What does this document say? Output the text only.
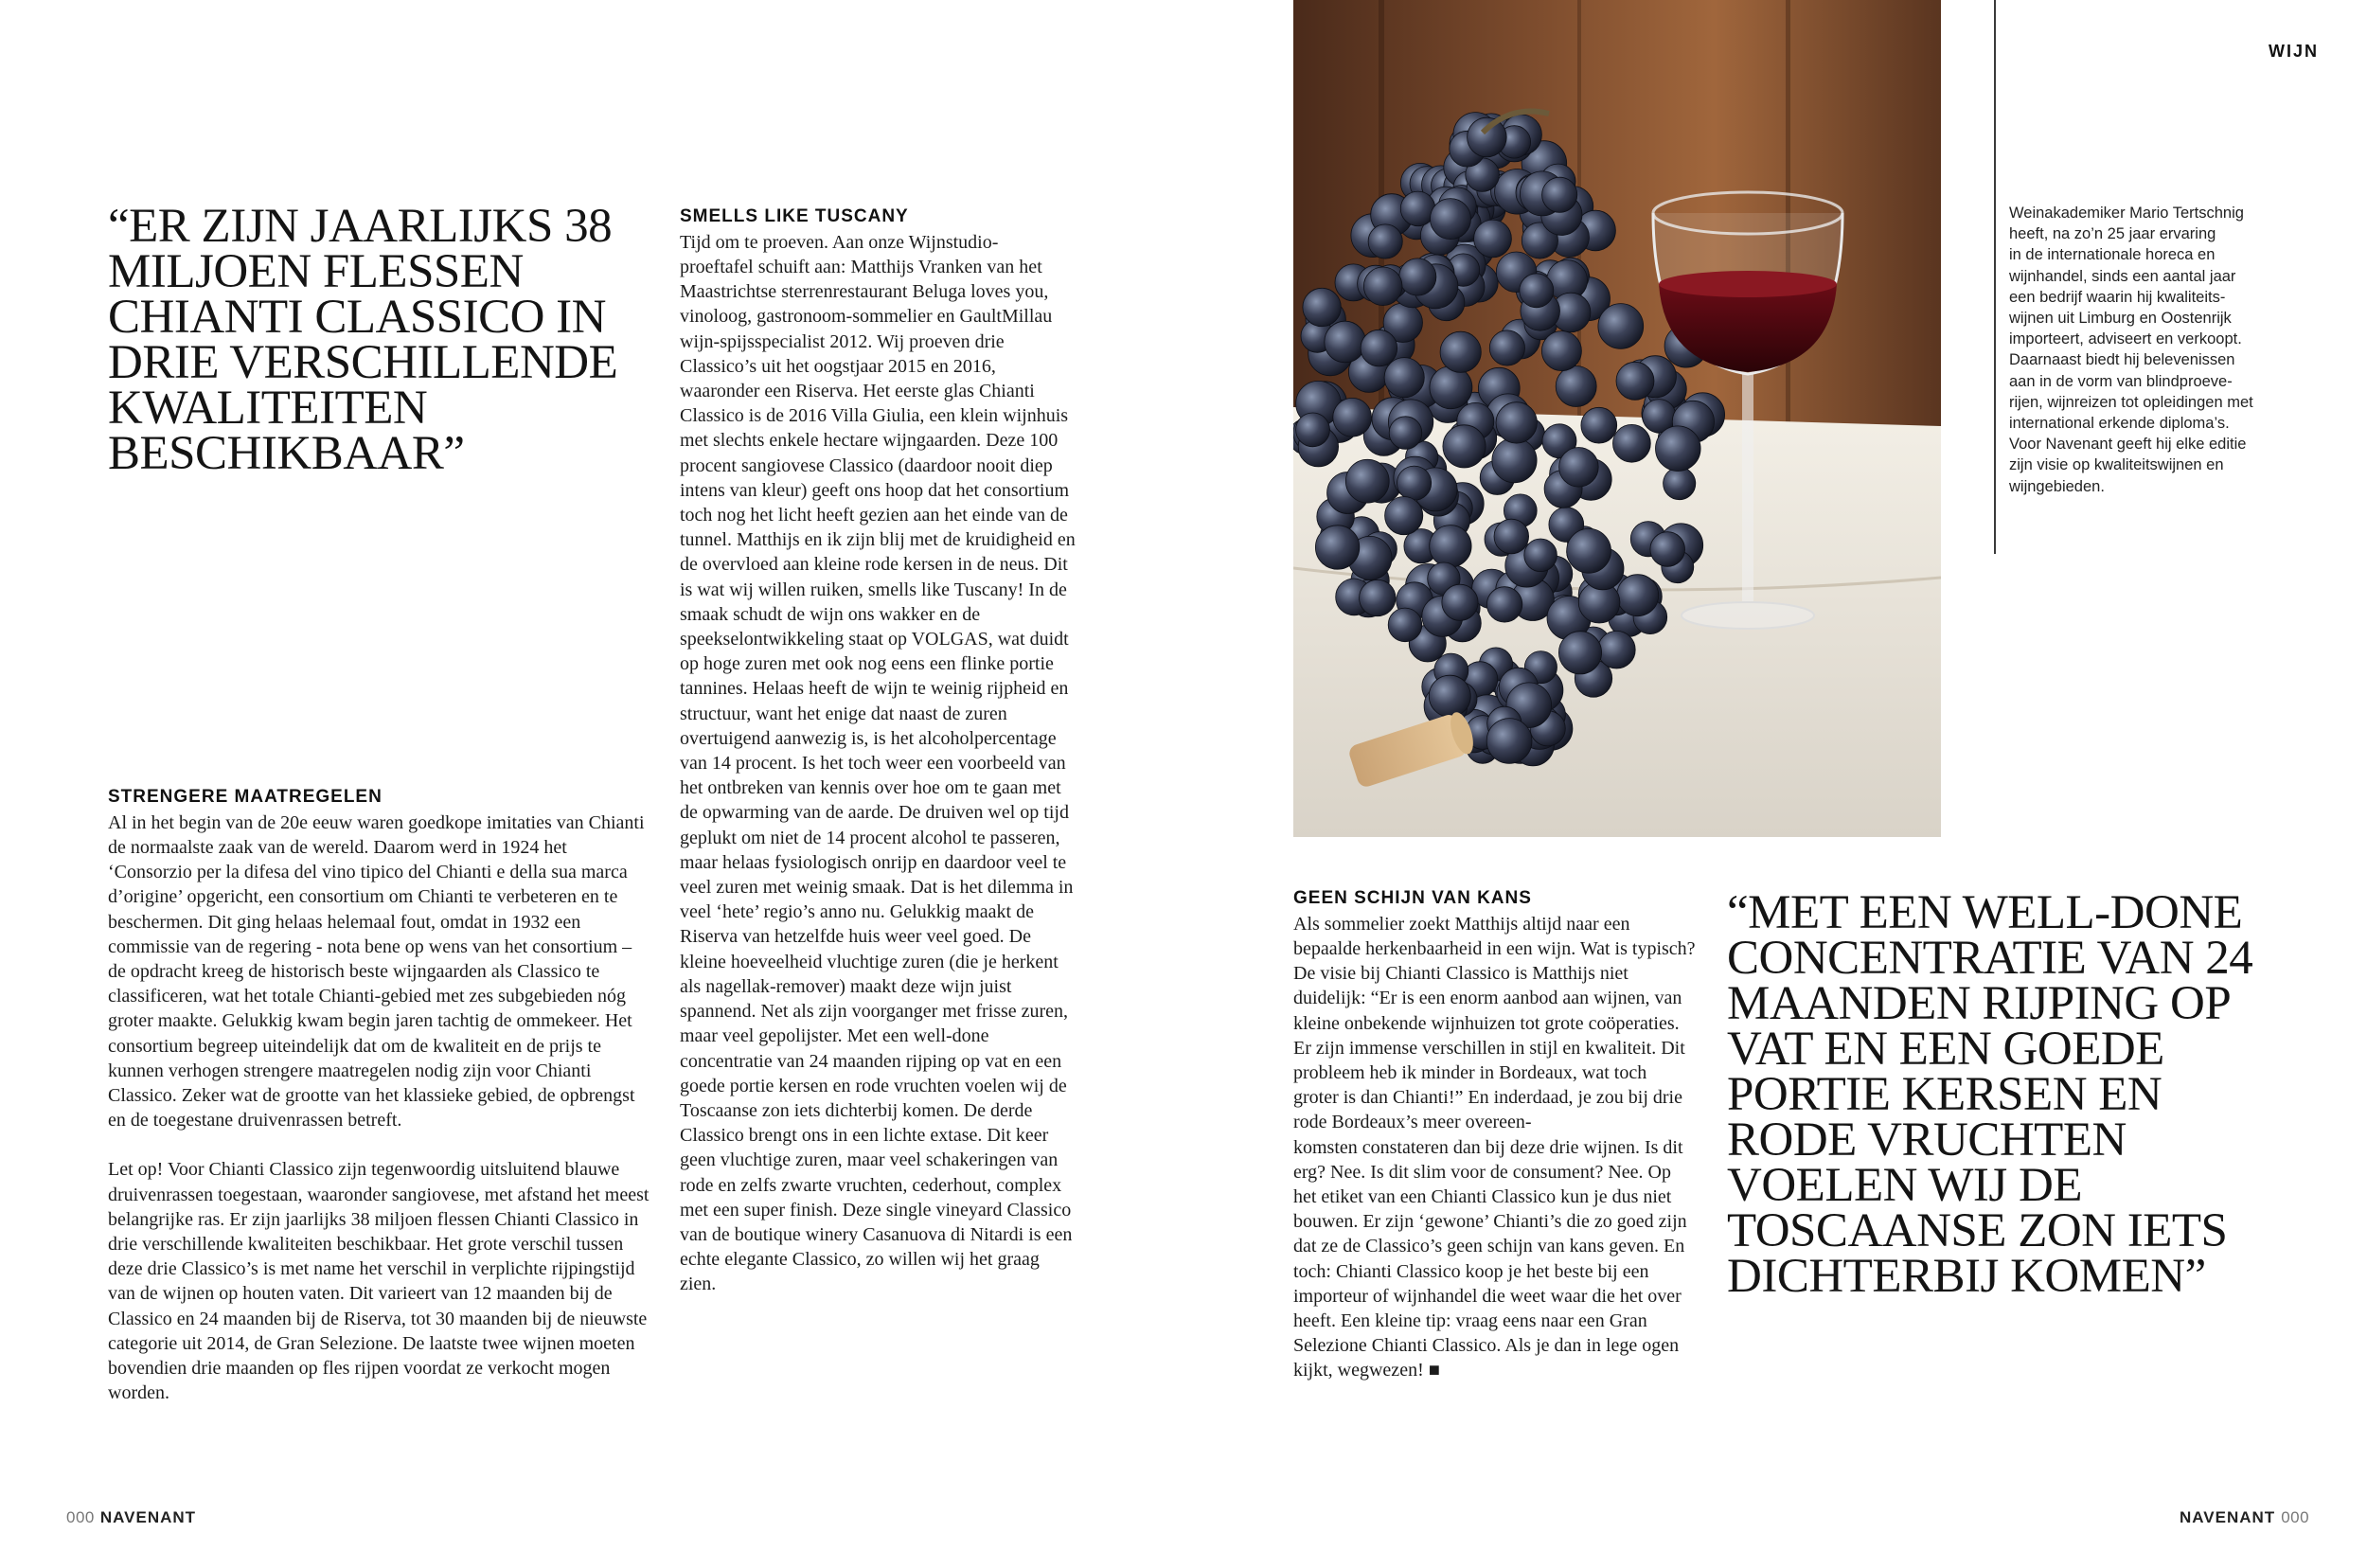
WIJN
“ER ZIJN JAARLIJKS 38 MILJOEN FLESSEN CHIANTI CLASSICO IN DRIE VERSCHILLENDE KWALITEITEN BESCHIKBAAR”
STRENGERE MAATREGELEN

Al in het begin van de 20e eeuw waren goedkope imitaties van Chianti de normaalste zaak van de wereld. Daarom werd in 1924 het ‘Consorzio per la difesa del vino tipico del Chianti e della sua marca d’origine’ opgericht, een consortium om Chianti te verbeteren en te beschermen. Dit ging helaas helemaal fout, omdat in 1932 een commissie van de regering - nota bene op wens van het consortium – de opdracht kreeg de historisch beste wijngaarden als Classico te classificeren, wat het totale Chianti-gebied met zes subgebieden nóg groter maakte. Gelukkig kwam begin jaren tachtig de ommekeer. Het consortium begreep uiteindelijk dat om de kwaliteit en de prijs te kunnen verhogen strengere maatregelen nodig zijn voor Chianti Classico. Zeker wat de grootte van het klassieke gebied, de opbrengst en de toegestane druivenrassen betreft.

Let op! Voor Chianti Classico zijn tegenwoordig uitsluitend blauwe druivenrassen toegestaan, waaronder sangiovese, met afstand het meest belangrijke ras. Er zijn jaarlijks 38 miljoen flessen Chianti Classico in drie verschillende kwaliteiten beschikbaar. Het grote verschil tussen deze drie Classico’s is met name het verschil in verplichte rijpingstijd van de wijnen op houten vaten. Dit varieert van 12 maanden bij de Classico en 24 maanden bij de Riserva, tot 30 maanden bij de nieuwste categorie uit 2014, de Gran Selezione. De laatste twee wijnen moeten bovendien drie maanden op fles rijpen voordat ze verkocht mogen worden.

SMELLS LIKE TUSCANY

Tijd om te proeven. Aan onze Wijnstudio-
proeftafel schuift aan: Matthijs Vranken van het Maastrichtse sterrenrestaurant Beluga loves you, vinoloog, gastronoom-sommelier en GaultMillau wijn-spijsspecialist 2012. Wij proeven drie Classico’s uit het oogstjaar 2015 en 2016, waaronder een Riserva. Het eerste glas Chianti Classico is de 2016 Villa Giulia, een klein wijnhuis met slechts enkele hectare wijngaarden. Deze 100 procent sangiovese Classico (daardoor nooit diep intens van kleur) geeft ons hoop dat het consortium toch nog het licht heeft gezien aan het einde van de tunnel. Matthijs en ik zijn blij met de kruidigheid en de overvloed aan kleine rode kersen in de neus. Dit is wat wij willen ruiken, smells like Tuscany! In de smaak schudt de wijn ons wakker en de speekselontwikkeling staat op VOLGAS, wat duidt op hoge zuren met ook nog eens een flinke portie tannines. Helaas heeft de wijn te weinig rijpheid en structuur, want het enige dat naast de zuren overtuigend aanwezig is, is het alcoholpercentage van 14 procent. Is het toch weer een voorbeeld van het ontbreken van kennis over hoe om te gaan met de opwarming van de aarde. De druiven wel op tijd geplukt om niet de 14 procent alcohol te passeren, maar helaas fysiologisch onrijp en daardoor veel te veel zuren met weinig smaak. Dat is het dilemma in veel ‘hete’ regio’s anno nu. Gelukkig maakt de Riserva van hetzelfde huis weer veel goed. De kleine hoeveelheid vluchtige zuren (die je herkent als nagellak-remover) maakt deze wijn juist spannend. Net als zijn voorganger met frisse zuren, maar veel gepolijster. Met een well-done concentratie van 24 maanden rijping op vat en een goede portie kersen en rode vruchten voelen wij de Toscaanse zon iets dichterbij komen. De derde Classico brengt ons in een lichte extase. Dit keer geen vluchtige zuren, maar veel schakeringen van rode en zelfs zwarte vruchten, cederhout, complex met een super finish. Deze single vineyard Classico van de boutique winery Casanuova di Nitardi is een echte elegante Classico, zo willen wij het graag zien.

Weinakademiker Mario Tertschnig
heeft, na zo’n 25 jaar ervaring
in de internationale horeca en
wijnhandel, sinds een aantal jaar
een bedrijf waarin hij kwaliteits-
wijnen uit Limburg en Oostenrijk
importeert, adviseert en verkoopt.
Daarnaast biedt hij belevenissen
aan in de vorm van blindproeve-
rijen, wijnreizen tot opleidingen met
international erkende diploma’s.
Voor Navenant geeft hij elke editie
zijn visie op kwaliteitswijnen en
wijngebieden.
GEEN SCHIJN VAN KANS

Als sommelier zoekt Matthijs altijd naar een bepaalde herkenbaarheid in een wijn. Wat is typisch? De visie bij Chianti Classico is Matthijs niet duidelijk: “Er is een enorm aanbod aan wijnen, van kleine onbekende wijnhuizen tot grote coöperaties. Er zijn immense verschillen in stijl en kwaliteit. Dit probleem heb ik minder in Bordeaux, wat toch groter is dan Chianti!” En inderdaad, je zou bij drie rode Bordeaux’s meer overeen-
komsten constateren dan bij deze drie wijnen. Is dit erg? Nee. Is dit slim voor de consument? Nee. Op het etiket van een Chianti Classico kun je dus niet bouwen. Er zijn ‘gewone’ Chianti’s die zo goed zijn dat ze de Classico’s geen schijn van kans geven. En toch: Chianti Classico koop je het beste bij een importeur of wijnhandel die weet waar die het over heeft. Een kleine tip: vraag eens naar een Gran Selezione Chianti Classico. Als je dan in lege ogen kijkt, wegwezen! ■

“MET EEN WELL-DONE CONCENTRATIE VAN 24 MAANDEN RIJPING OP VAT EN EEN GOEDE PORTIE KERSEN EN RODE VRUCHTEN VOELEN WIJ DE TOSCAANSE ZON IETS DICHTERBIJ KOMEN”
000 NAVENANT	NAVENANT 000
